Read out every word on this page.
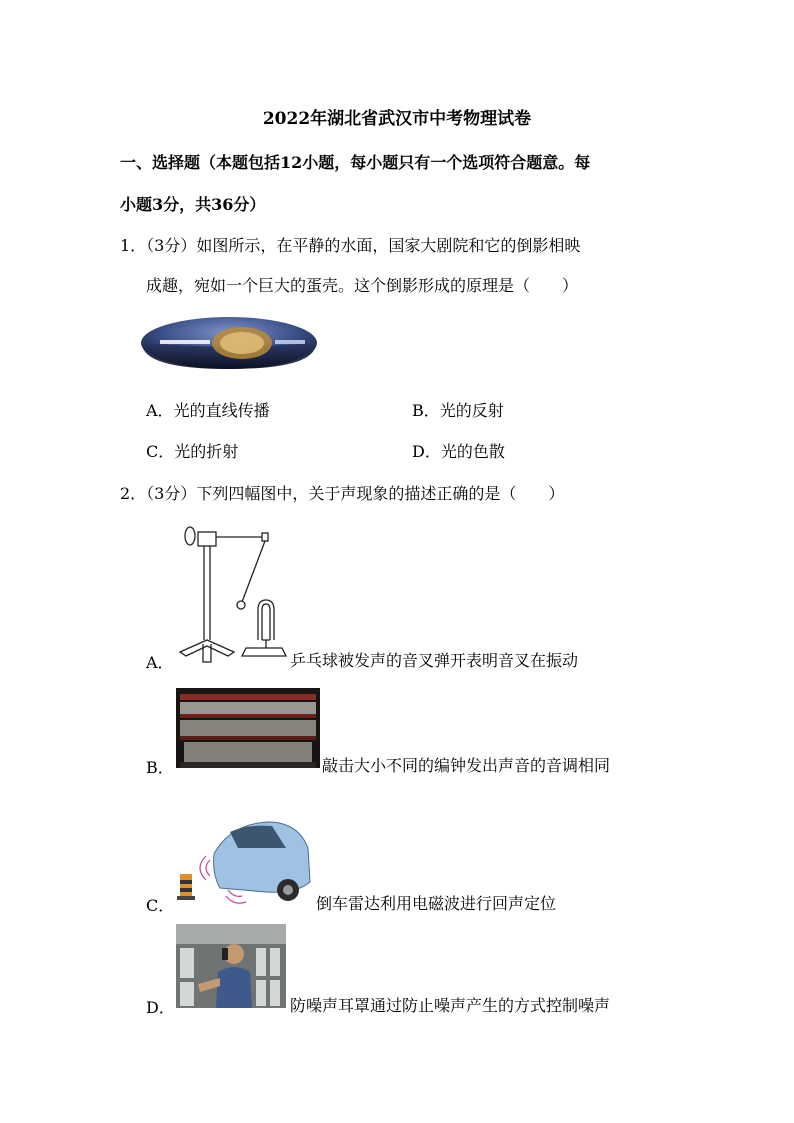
2022年湖北省武汉市中考物理试卷
一、选择题（本题包括12小题，每小题只有一个选项符合题意。每
小题3分，共36分）
1．（3分）如图所示，在平静的水面，国家大剧院和它的倒影相映
成趣，宛如一个巨大的蛋壳。这个倒影形成的原理是（　　）
A．光的直线传播	B．光的反射
C．光的折射	D．光的色散
2．（3分）下列四幅图中，关于声现象的描述正确的是（　　）
A．	乒乓球被发声的音叉弹开表明音叉在振动
B．	敲击大小不同的编钟发出声音的音调相同
C．	倒车雷达利用电磁波进行回声定位
D．	防噪声耳罩通过防止噪声产生的方式控制噪声
